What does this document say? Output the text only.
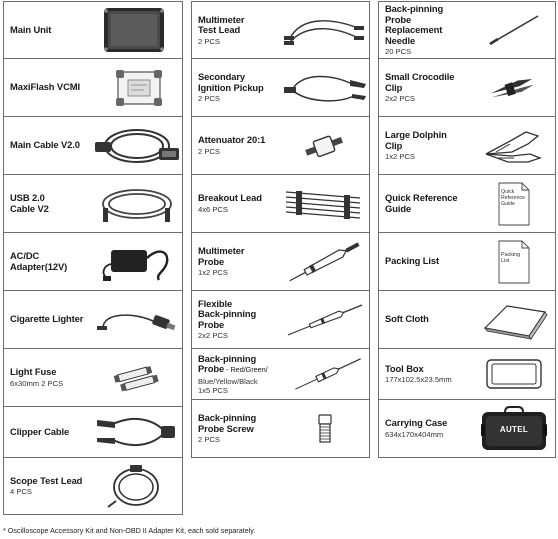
Main Unit
MaxiFlash VCMI
Main Cable V2.0
USB 2.0
Cable V2
AC/DC
Adapter(12V)
Cigarette Lighter
Light Fuse
6x30mm 2 PCS
Clipper Cable
Scope Test Lead
4 PCS
Multimeter
Test Lead
2 PCS
Secondary
Ignition Pickup
2 PCS
Attenuator 20:1
2 PCS
Breakout Lead
4x6 PCS
Multimeter
Probe
1x2 PCS
Flexible
Back-pinning
Probe
2x2 PCS
Back-pinning
Probe - Red/Green/
Blue/Yellow/Black
1x5 PCS
Back-pinning
Probe Screw
2 PCS
Back-pinning
Probe
Replacement
Needle
20 PCS
Small Crocodile
Clip
2x2 PCS
Large Dolphin
Clip
1x2 PCS
Quick Reference
Guide
Quick
Reference
Guide
Packing List
Packing
List
Soft Cloth
Tool Box
177x102.5x23.5mm
Carrying Case
634x170x404mm
AUTEL
* Oscilloscope Accessory Kit and Non-OBD II Adapter Kit, each sold separately.
